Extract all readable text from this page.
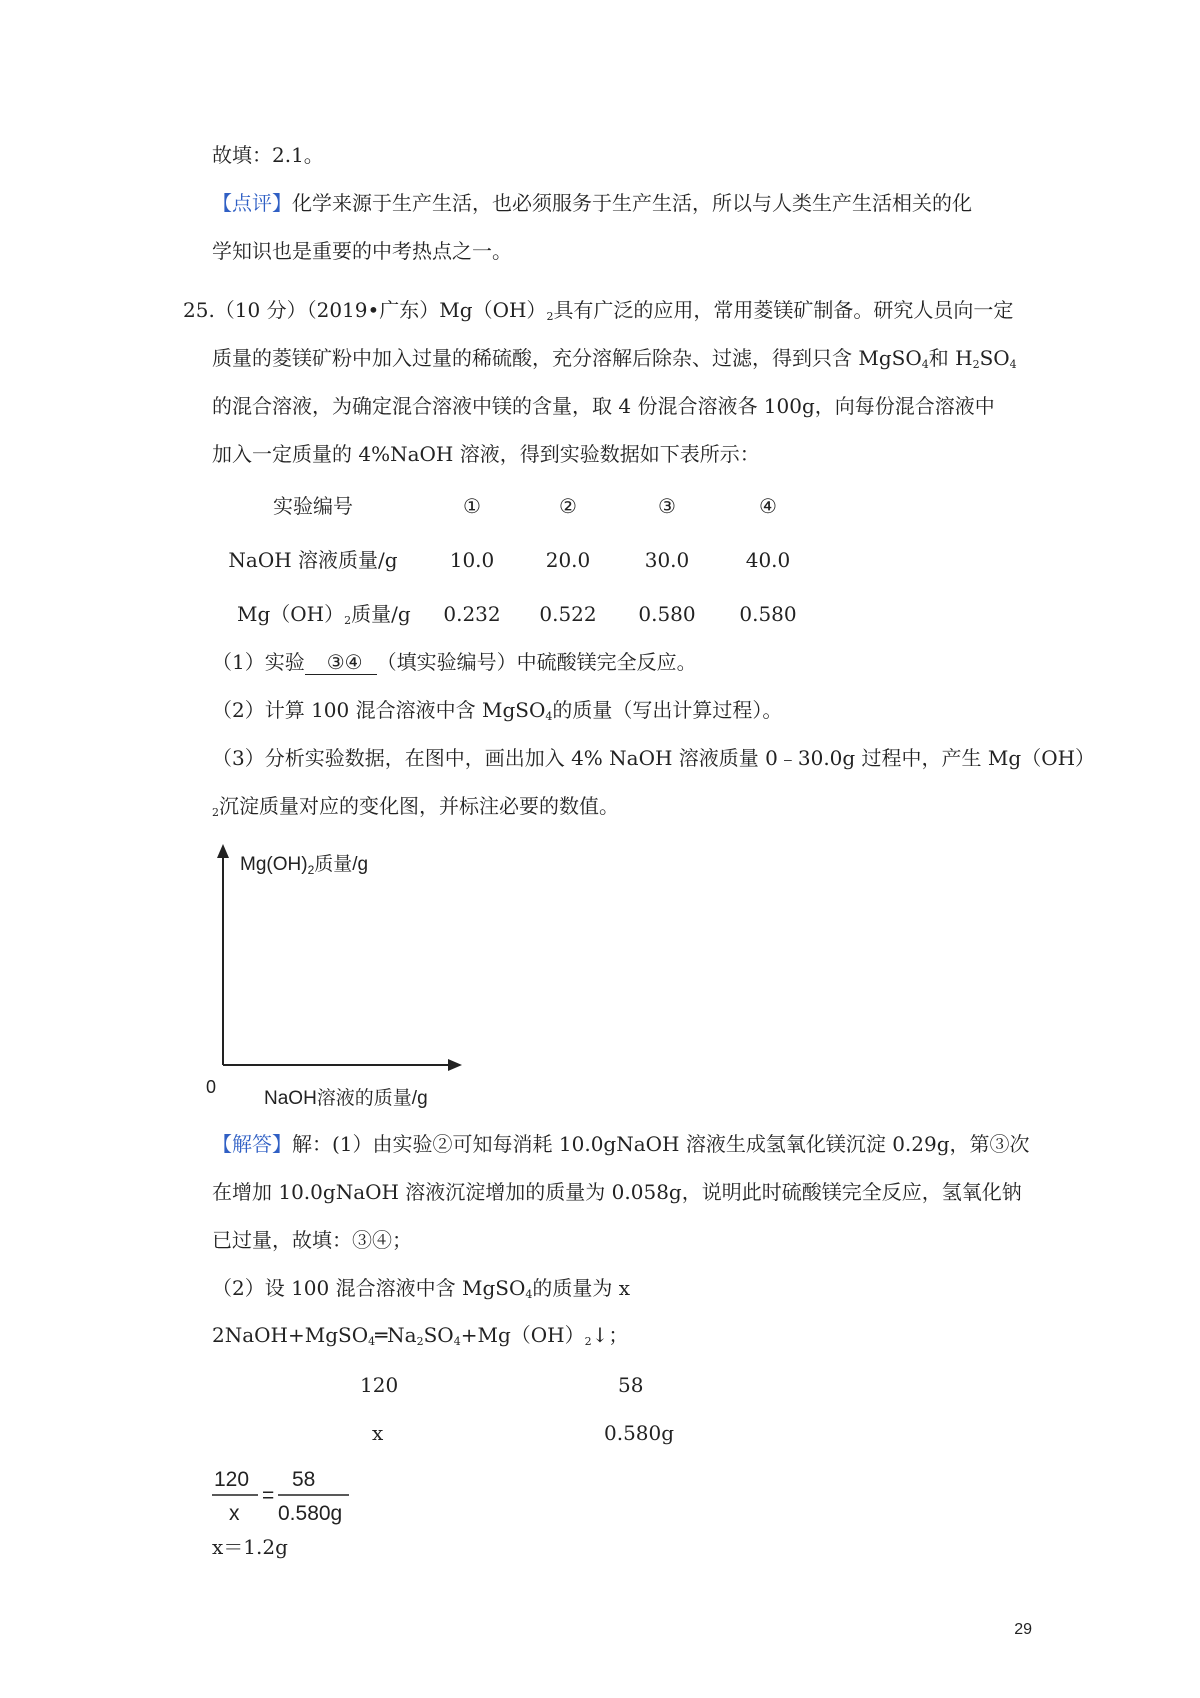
故填：2.1。
【点评】化学来源于生产生活，也必须服务于生产生活，所以与人类生产生活相关的化
学知识也是重要的中考热点之一。
25.（10 分）（2019•广东）$Mg(OH)_2$具有广泛的应用，常用菱镁矿制备。研究人员向一定
质量的菱镁矿粉中加入过量的稀硫酸，充分溶解后除杂、过滤，得到只含 MgSO$_4$和 $H_2SO_4$
的混合溶液，为确定混合溶液中镁的含量，取 4 份混合溶液各 100g，向每份混合溶液中
加入一定质量的 4%NaOH 溶液，得到实验数据如下表所示：
实验编号	①	②	③	④
NaOH 溶液质量/g	10.0	20.0	30.0	40.0
$Mg(OH)_2$质量/g 0.232 0.522 0.580 0.580
（1）实验 ③④ （填实验编号）中硫酸镁完全反应。
（2）计算 100 混合溶液中含 MgSO$_4$的质量（写出计算过程）。
（3）分析实验数据，在图中，画出加入 4% NaOH 溶液质量 0﹣30.0g 过程中，产生 Mg（OH）
$_2$沉淀质量对应的变化图，并标注必要的数值。
$Mg(OH)_2$质量/g
0
NaOH溶液的质量/g
【解答】解：(1）由实验②可知每消耗 10.0gNaOH 溶液生成氢氧化镁沉淀 0.29g，第③次
在增加 10.0gNaOH 溶液沉淀增加的质量为 0.058g，说明此时硫酸镁完全反应，氢氧化钠
已过量，故填：③④；
（2）设 100 混合溶液中含 MgSO$_4$的质量为 x
$2NaOH+MgSO_4═Na_2SO_4+Mg(OH)_2↓$；
120	58
x	0.580g
120
x
=
58
0.580g
x＝1.2g
29
